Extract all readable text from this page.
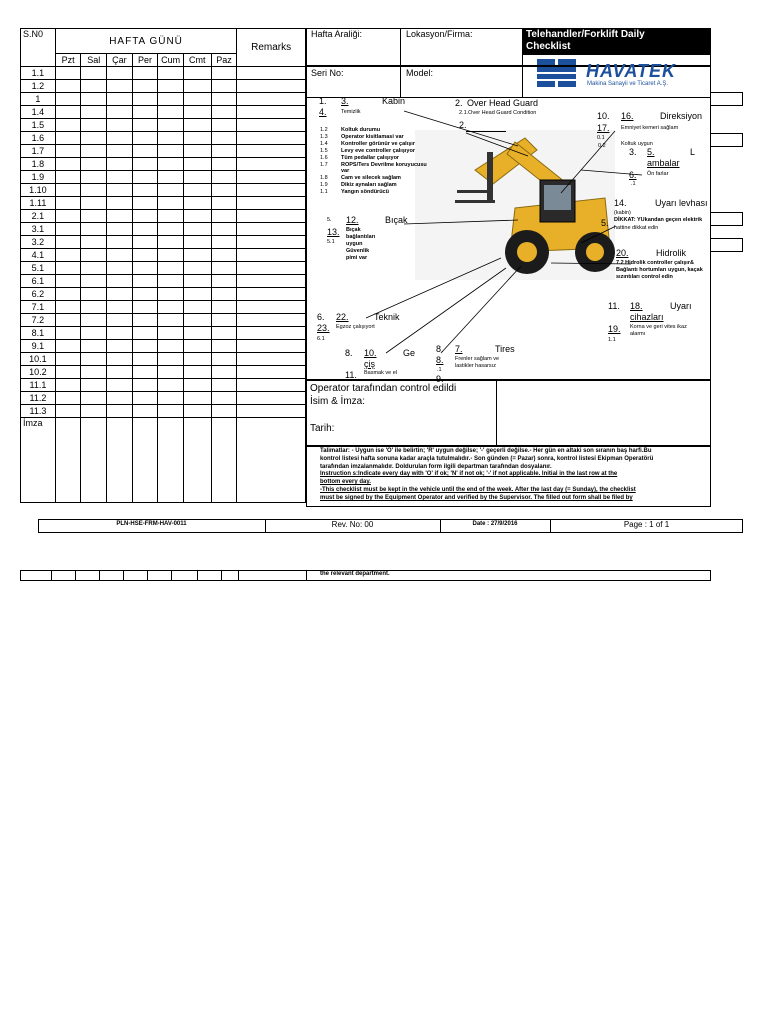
S.N0	HAFTA GÜNÜ							Remarks
	Pzt	Sal	Çar	Per	Cum	Cmt	Paz	
1.1								
1.2								
1								
1.4								
1.5								
1.6								
1.7								
1.8								
1.9								
1.10								
1.11								
2.1								
3.1								
3.2								
4.1								
5.1								
6.1								
6.2								
7.1								
7.2								
8.1								
9.1								
10.1								
10.2								
11.1								
11.2								
11.3								
İmza								
Hafta Araliği:	Lokasyon/Firma:	Telehandler/Forklift Daily Checklist
Seri No:	Model:	HAVATEK
Makina Sanayii ve Ticaret A.Ş.
1. 3.	Kabin
4.	Temizlik
1.2	Koltuk durumu
1.3	Operator kisitlamasi var
1.4	Kontroller görünür ve çalışır
1.5	Levy eve controller çalışıyor
1.6	Tüm pedallar çalışıyor
1.7	ROPS/Ters Devrilme koruyucusu
var
1.8	Cam ve silecek sağlam
1.9	Dikiz aynaları sağlam
1.1	Yangın söndürücü
2. Over Head Guard
2.1.Over Head Guard Condition
2.
10. 16.	Direksiyon
17. Emniyet kemeri sağlam
0.1
0.2	Koltuk uygun
3. 5.	L
ambalar
6. Ön farlar
.1
14.	Uyarı levhası
(kabin)
DİKKAT: YUkandan geçen elektrik
hattine dikkat edin
5.
5. 12.	Bıçak
13.
5.1
Bıçak
bağlantıları
uygun
Güvenlik
pimi var	20.	Hidrolik
7.2 Hidrolik controller çalışır&
Bağlantı hortumları uygun, kaçak
sızıntıları control edin
11. 18.	Uyarı
cihazları
19. Korna ve geri vites ikaz
alarmı
1.1
6. 22.	Teknik
23. Egzoz çalışıyort
6.1
8. 10.	Ge
çiş
11. Basmak ve el
8. 7.	Tires
8. Frenler sağlam ve
lastikler hasarsız
.1
9.
Operator tarafından control edildi
İsim & İmza:
Tarih:
Talimatlar: - Uygun ise 'O' ile belirtin; 'R' uygun değilse; '-' geçerli değilse.- Her gün en altaki son sıranın baş harfi.Bu
kontrol listesi hafta sonuna kadar araçla tutulmalıdır.- Son günden (= Pazar) sonra, kontrol listesi Ekipman Operatörü
tarafından imzalanmalıdır. Doldurulan form ilgili departman tarafından dosyalanır.
Instruction s:Indicate every day with 'O' if ok; 'N' if not ok; '-' if not applicable. Initial in the last row at the
bottom every day.
-This checklist must be kept in the vehicle until the end of the week. After the last day (= Sunday), the checklist
must be signed by the Equipment Operator and verified by the Supervisor. The filled out form shall be filed by
PLN-HSE-FRM-HAV-0011	Rev. No: 00	Date : 27/9/2016	Page : 1 of 1
the relevant department.
